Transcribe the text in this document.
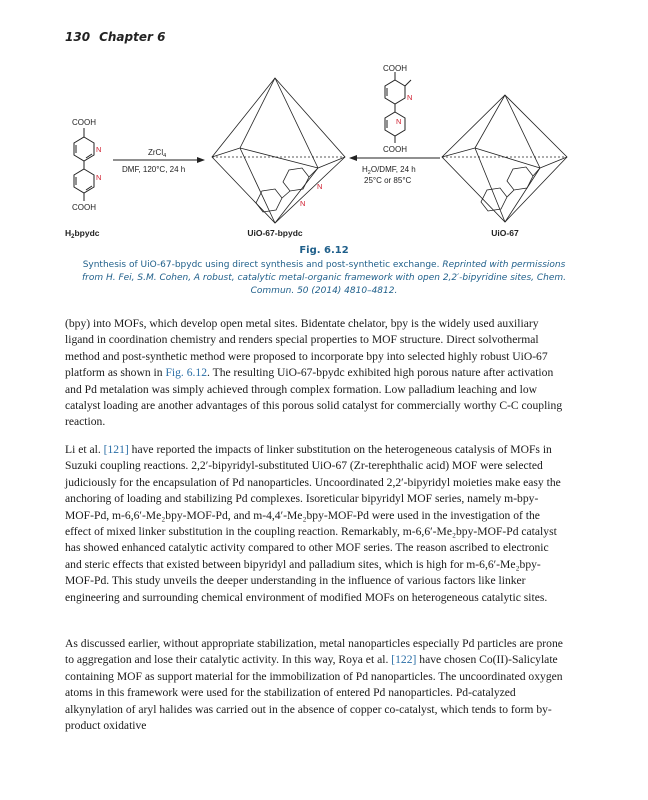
130 Chapter 6
COOH
N
N
COOH
$H_2bpydc$
ZrCl$_4$
DMF, 120°C, 24 h
N
N
UiO-67-bpydc
COOH
N
N
COOH
$H_2O$/DMF, 24 h
25°C or 85°C
UiO-67
Fig. 6.12
Synthesis of UiO-67-bpydc using direct synthesis and post-synthetic exchange. Reprinted with permissions from H. Fei, S.M. Cohen, A robust, catalytic metal-organic framework with open 2,2′-bipyridine sites, Chem. Commun. 50 (2014) 4810–4812.

(bpy) into MOFs, which develop open metal sites. Bidentate chelator, bpy is the widely used auxiliary ligand in coordination chemistry and renders special properties to MOF structure. Direct solvothermal method and post-synthetic method were proposed to incorporate bpy into selected highly robust UiO-67 platform as shown in Fig. 6.12. The resulting UiO-67-bpydc exhibited high porous nature after activation and Pd metalation was simply achieved through complex formation. Low palladium leaching and low catalyst loading are another advantages of this porous solid catalyst for commercially worthy C-C coupling reaction.

Li et al. [121] have reported the impacts of linker substitution on the heterogeneous catalysis of MOFs in Suzuki coupling reactions. 2,2′-bipyridyl-substituted UiO-67 (Zr-terephthalic acid) MOF were selected judiciously for the encapsulation of Pd nanoparticles. Uncoordinated 2,2′-bipyridyl moieties make easy the anchoring of loading and stabilizing Pd complexes. Isoreticular bipyridyl MOF series, namely m-bpy-MOF-Pd, m-6,6′-Me₂bpy-MOF-Pd, and m-4,4′-Me₂bpy-MOF-Pd were used in the investigation of the effect of mixed linker substitution in the coupling reaction. Remarkably, m-6,6′-Me₂bpy-MOF-Pd catalyst has showed enhanced catalytic activity compared to other MOF series. The reason ascribed to electronic and steric effects that existed between bipyridyl and palladium sites, which is high for m-6,6′-Me₂bpy-MOF-Pd. This study unveils the deeper understanding in the influence of various factors like linker engineering and surrounding chemical environment of modified MOFs on heterogeneous catalytic sites.

As discussed earlier, without appropriate stabilization, metal nanoparticles especially Pd particles are prone to aggregation and lose their catalytic activity. In this way, Roya et al. [122] have chosen Co(II)-Salicylate containing MOF as support material for the immobilization of Pd nanoparticles. The uncoordinated oxygen atoms in this framework were used for the stabilization of entered Pd nanoparticles. Pd-catalyzed alkynylation of aryl halides was carried out in the absence of copper co-catalyst, which tends to form by-product oxidative
